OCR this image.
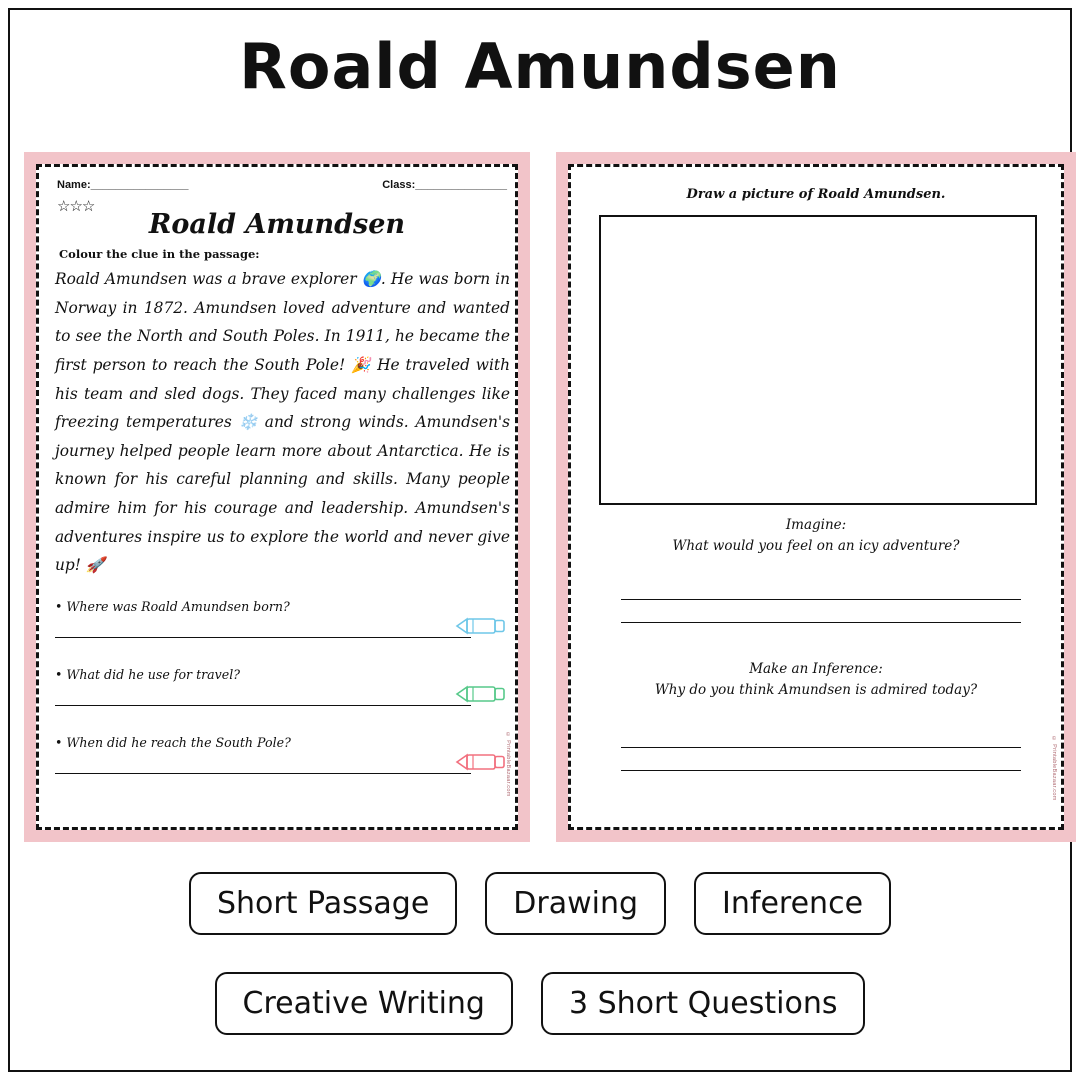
Roald Amundsen
Name:________________	Class:_______________
☆☆☆
Roald Amundsen
Colour the clue in the passage:
Roald Amundsen was a brave explorer 🌍. He was born in Norway in 1872. Amundsen loved adventure and wanted to see the North and South Poles. In 1911, he became the first person to reach the South Pole! 🎉 He traveled with his team and sled dogs. They faced many challenges like freezing temperatures ❄️ and strong winds. Amundsen's journey helped people learn more about Antarctica. He is known for his careful planning and skills. Many people admire him for his courage and leadership. Amundsen's adventures inspire us to explore the world and never give up! 🚀
• Where was Roald Amundsen born?
• What did he use for travel?
• When did he reach the South Pole?	© PrintableBazaar.com
Draw a picture of Roald Amundsen.
Imagine:
What would you feel on an icy adventure?
Make an Inference:
Why do you think Amundsen is admired today?
© PrintableBazaar.com
Short Passage	Drawing	Inference
Creative Writing	3 Short Questions
